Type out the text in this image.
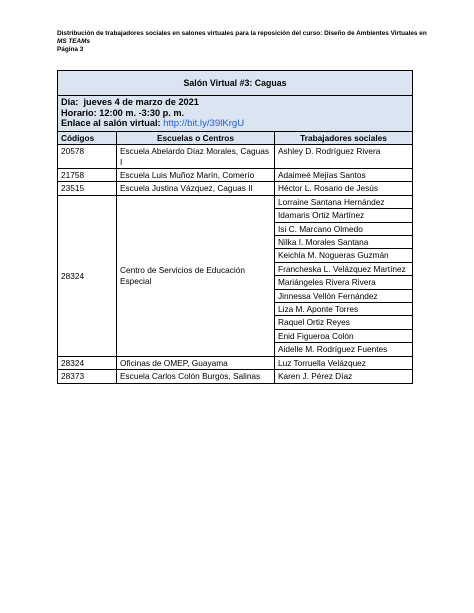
Distribución de trabajadores sociales en salones virtuales para la reposición del curso: Diseño de Ambientes Virtuales en
MS TEAMs
Página 3
Salón Virtual #3: Caguas		

Día: jueves 4 de marzo de 2021
Horario: 12:00 m. -3:30 p. m.
Enlace al salón virtual: http://bit.ly/39lKrgU		

Códigos	Escuelas o Centros	Trabajadores sociales
20578	Escuela Abelardo Díaz Morales, Caguas I	Ashley D. Rodríguez Rivera
21758	Escuela Luis Muñoz Marín, Comerío	Adaimeé Mejías Santos
23515	Escuela Justina Vázquez, Caguas II	Héctor L. Rosario de Jesús
28324	Centro de Servicios de Educación Especial	Lorraine Santana Hernández
		Idamaris Ortiz Martínez
		Isi C. Marcano Olmedo
		Nilka I. Morales Santana
		Keichla M. Nogueras Guzmán
		Francheska L. Velázquez Martínez
		Mariángeles Rivera Rivera
		Jinnessa Vellón Fernández
		Liza M. Aponte Torres
		Raquel Ortiz Reyes
		Enid Figueroa Colón
		Aidelle M. Rodríguez Fuentes
28324	Oficinas de OMEP, Guayama	Luz Torruella Velázquez
28373	Escuela Carlos Colón Burgos, Salinas	Karen J. Pérez Díaz
